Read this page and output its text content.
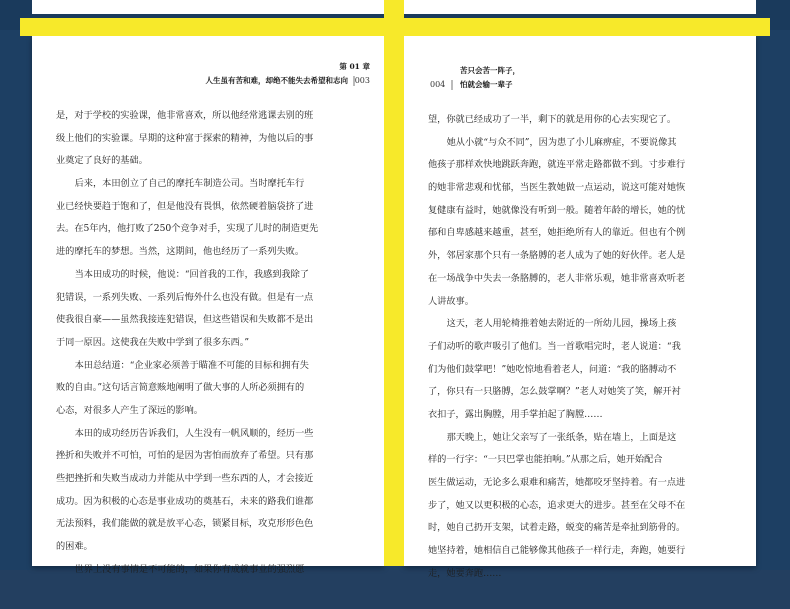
第 01 章
人生虽有苦和难，却绝不能失去希望和志向 003
是，对于学校的实验课，他非常喜欢，所以他经常逃课去别的班
级上他们的实验课。早期的这种富于探索的精神，为他以后的事
业奠定了良好的基础。
后来，本田创立了自己的摩托车制造公司。当时摩托车行
业已经快要趋于饱和了，但是他没有畏惧，依然硬着脑袋挤了进
去。在5年内，他打败了250个竞争对手，实现了儿时的制造更先
进的摩托车的梦想。当然，这期间，他也经历了一系列失败。
当本田成功的时候，他说：“回首我的工作，我感到我除了
犯错误，一系列失败、一系列后悔外什么也没有做。但是有一点
使我很自豪——虽然我接连犯错误，但这些错误和失败都不是出
于同一原因。这使我在失败中学到了很多东西。”
本田总结道：“企业家必须善于瞄准不可能的目标和拥有失
败的自由。”这句话言简意赅地阐明了做大事的人所必须拥有的
心态，对很多人产生了深远的影响。
本田的成功经历告诉我们，人生没有一帆风顺的，经历一些
挫折和失败并不可怕，可怕的是因为害怕而放弃了希望。只有那
些把挫折和失败当成动力并能从中学到一些东西的人，才会接近
成功。因为积极的心态是事业成功的奠基石，未来的路我们谁都
无法预料，我们能做的就是放平心态，锁紧目标，攻克形形色色
的困难。
世界上没有事情是不可能的，如果你有成就事业的强烈愿
苦只会苦一阵子，
怕就会输一辈子
004
望，你就已经成功了一半，剩下的就是用你的心去实现它了。
她从小就“与众不同”，因为患了小儿麻痹症，不要说像其
他孩子那样欢快地跳跃奔跑，就连平常走路都做不到。寸步难行
的她非常悲观和忧郁，当医生教她做一点运动，说这可能对她恢
复健康有益时，她就像没有听到一般。随着年龄的增长，她的忧
郁和自卑感越来越重，甚至，她拒绝所有人的靠近。但也有个例
外，邻居家那个只有一条胳膊的老人成为了她的好伙伴。老人是
在一场战争中失去一条胳膊的，老人非常乐观，她非常喜欢听老
人讲故事。
这天，老人用轮椅推着她去附近的一所幼儿园，操场上孩
子们动听的歌声吸引了他们。当一首歌唱完时，老人说道：“我
们为他们鼓掌吧！”她吃惊地看着老人，问道：“我的胳膊动不
了，你只有一只胳膊，怎么鼓掌啊？”老人对她笑了笑，解开衬
衣扣子，露出胸膛，用手掌拍起了胸膛……
那天晚上，她让父亲写了一张纸条，贴在墙上，上面是这
样的一行字：“一只巴掌也能拍响。”从那之后，她开始配合
医生做运动，无论多么艰难和痛苦，她都咬牙坚持着。有一点进
步了，她又以更积极的心态，追求更大的进步。甚至在父母不在
时，她自己扔开支架，试着走路，蜕变的痛苦是牵扯到筋骨的。
她坚持着，她相信自己能够像其他孩子一样行走，奔跑，她要行
走，她要奔跑……
